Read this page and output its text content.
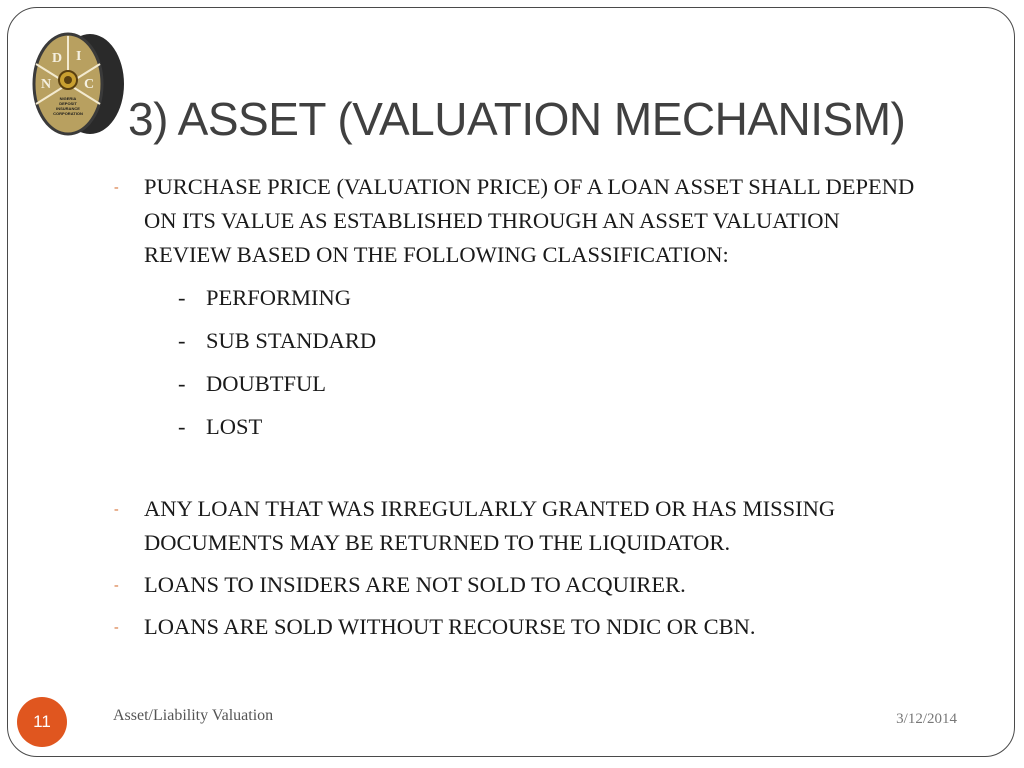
D I
N C
NIGERIA
DEPOSIT
INSURANCE
CORPORATION 3) ASSET (VALUATION MECHANISM)
- PURCHASE PRICE (VALUATION PRICE) OF A LOAN ASSET SHALL DEPEND ON ITS VALUE AS ESTABLISHED THROUGH AN ASSET VALUATION REVIEW BASED ON THE FOLLOWING CLASSIFICATION:
- PERFORMING
- SUB STANDARD
- DOUBTFUL
- LOST
- ANY LOAN THAT WAS IRREGULARLY GRANTED OR HAS MISSING DOCUMENTS MAY BE RETURNED TO THE LIQUIDATOR.
- LOANS TO INSIDERS ARE NOT SOLD TO ACQUIRER.
- LOANS ARE SOLD WITHOUT RECOURSE TO NDIC OR CBN.
11	Asset/Liability Valuation	3/12/2014
